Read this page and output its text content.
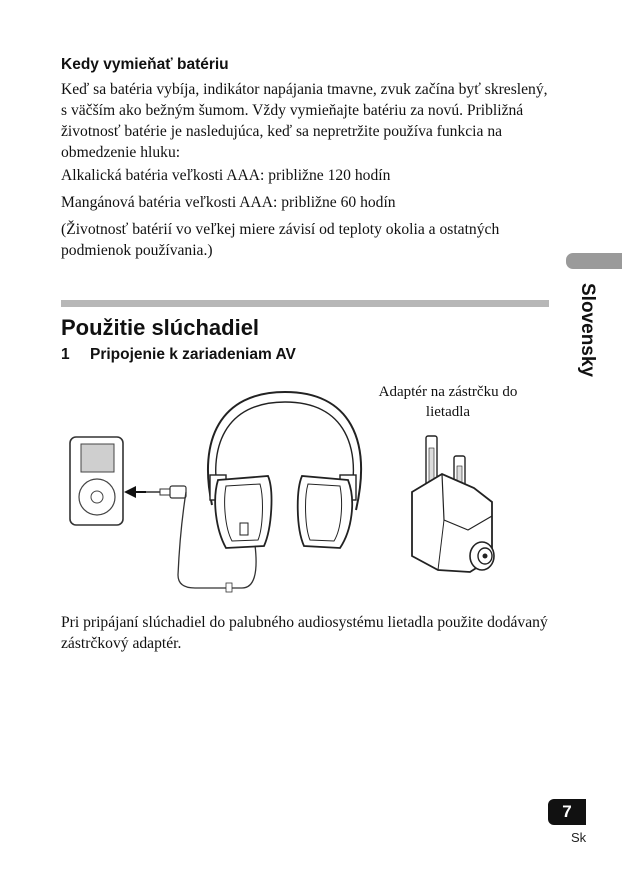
Kedy vymieňať batériu
Keď sa batéria vybíja, indikátor napájania tmavne, zvuk začína byť skreslený, s väčším ako bežným šumom. Vždy vymieňajte batériu za novú. Približná životnosť batérie je nasledujúca, keď sa nepretržite používa funkcia na obmedzenie hluku:
Alkalická batéria veľkosti AAA: približne 120 hodín
Mangánová batéria veľkosti AAA: približne 60 hodín
(Životnosť batérií vo veľkej miere závisí od teploty okolia a ostatných podmienok používania.)
Použitie slúchadiel
1 Pripojenie k zariadeniam AV	Slovensky
Adaptér na zástrčku do lietadla
Pri pripájaní slúchadiel do palubného audiosystému lietadla použite dodávaný zástrčkový adaptér.
7
Sk
